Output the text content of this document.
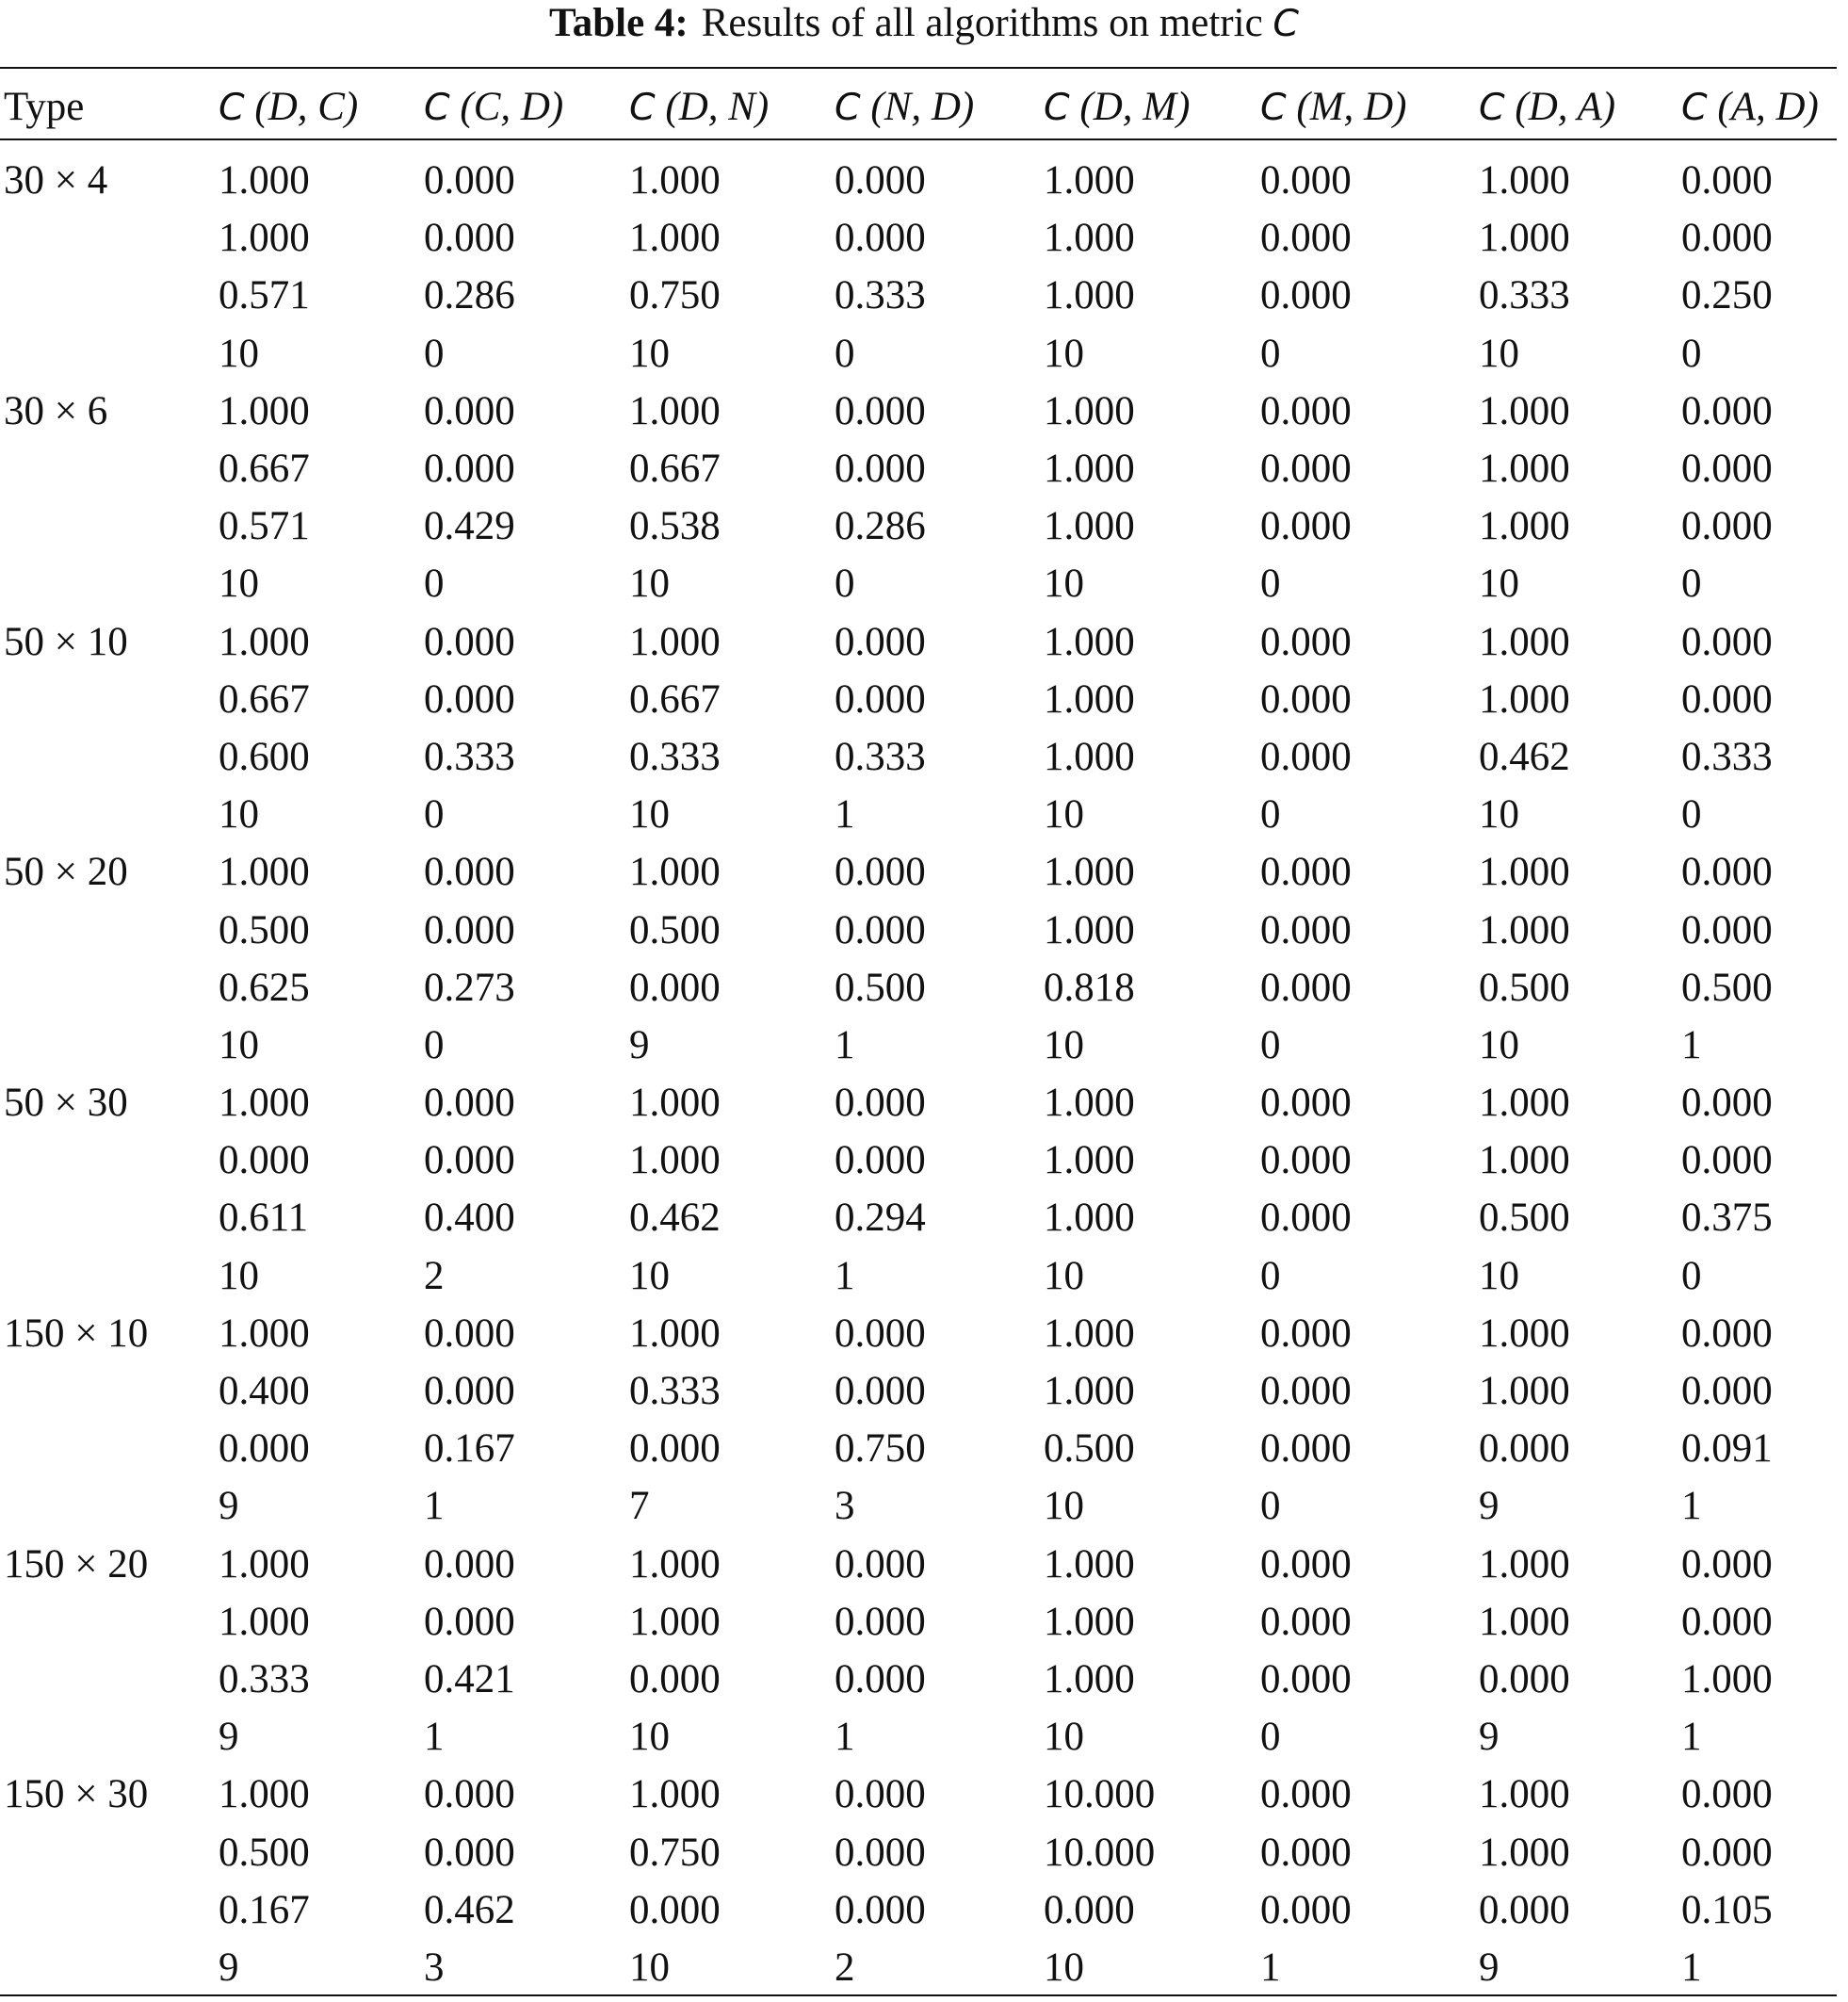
Table 4: Results of all algorithms on metric C
Type	C (D, C)	C (C, D)	C (D, N)	C (N, D)	C (D, M)	C (M, D)	C (D, A)	C (A, D)

30 × 4	1.000	0.000	1.000	0.000	1.000	0.000	1.000	0.000
	1.000	0.000	1.000	0.000	1.000	0.000	1.000	0.000
	0.571	0.286	0.750	0.333	1.000	0.000	0.333	0.250
	10	0	10	0	10	0	10	0
30 × 6	1.000	0.000	1.000	0.000	1.000	0.000	1.000	0.000
	0.667	0.000	0.667	0.000	1.000	0.000	1.000	0.000
	0.571	0.429	0.538	0.286	1.000	0.000	1.000	0.000
	10	0	10	0	10	0	10	0
50 × 10	1.000	0.000	1.000	0.000	1.000	0.000	1.000	0.000
	0.667	0.000	0.667	0.000	1.000	0.000	1.000	0.000
	0.600	0.333	0.333	0.333	1.000	0.000	0.462	0.333
	10	0	10	1	10	0	10	0
50 × 20	1.000	0.000	1.000	0.000	1.000	0.000	1.000	0.000
	0.500	0.000	0.500	0.000	1.000	0.000	1.000	0.000
	0.625	0.273	0.000	0.500	0.818	0.000	0.500	0.500
	10	0	9	1	10	0	10	1
50 × 30	1.000	0.000	1.000	0.000	1.000	0.000	1.000	0.000
	0.000	0.000	1.000	0.000	1.000	0.000	1.000	0.000
	0.611	0.400	0.462	0.294	1.000	0.000	0.500	0.375
	10	2	10	1	10	0	10	0
150 × 10	1.000	0.000	1.000	0.000	1.000	0.000	1.000	0.000
	0.400	0.000	0.333	0.000	1.000	0.000	1.000	0.000
	0.000	0.167	0.000	0.750	0.500	0.000	0.000	0.091
	9	1	7	3	10	0	9	1
150 × 20	1.000	0.000	1.000	0.000	1.000	0.000	1.000	0.000
	1.000	0.000	1.000	0.000	1.000	0.000	1.000	0.000
	0.333	0.421	0.000	0.000	1.000	0.000	0.000	1.000
	9	1	10	1	10	0	9	1
150 × 30	1.000	0.000	1.000	0.000	10.000	0.000	1.000	0.000
	0.500	0.000	0.750	0.000	10.000	0.000	1.000	0.000
	0.167	0.462	0.000	0.000	0.000	0.000	0.000	0.105
	9	3	10	2	10	1	9	1
